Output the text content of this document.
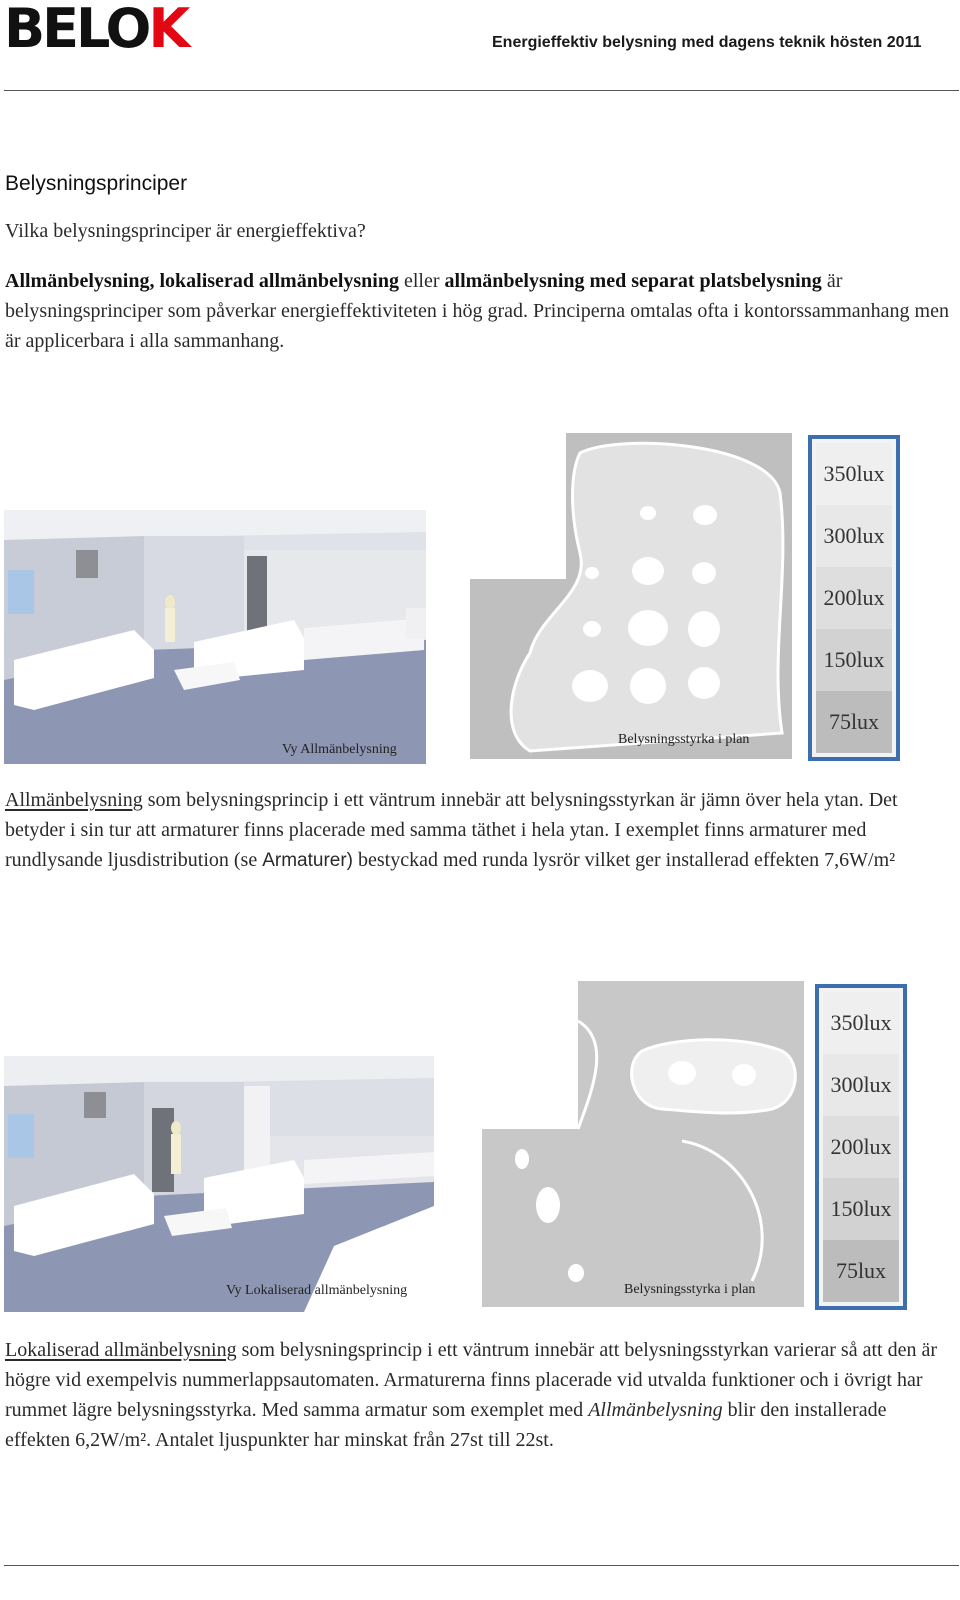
BELOK	Energieffektiv belysning med dagens teknik hösten 2011
Belysningsprinciper
Vilka belysningsprinciper är energieffektiva?
Allmänbelysning, lokaliserad allmänbelysning eller allmänbelysning med separat platsbelysning är belysningsprinciper som påverkar energieffektiviteten i hög grad. Principerna omtalas ofta i kontorssammanhang men är applicerbara i alla sammanhang.
Vy Allmänbelysning
Belysningsstyrka i plan
350lux
300lux
200lux
150lux
75lux
Allmänbelysning som belysningsprincip i ett väntrum innebär att belysningsstyrkan är jämn över hela ytan. Det betyder i sin tur att armaturer finns placerade med samma täthet i hela ytan. I exemplet finns armaturer med rundlysande ljusdistribution (se Armaturer) bestyckad med runda lysrör vilket ger installerad effekten 7,6W/m²
Vy Lokaliserad allmänbelysning	Belysningsstyrka i plan
350lux
300lux
200lux
150lux
75lux
Lokaliserad allmänbelysning som belysningsprincip i ett väntrum innebär att belysningsstyrkan varierar så att den är högre vid exempelvis nummerlappsautomaten. Armaturerna finns placerade vid utvalda funktioner och i övrigt har rummet lägre belysningsstyrka. Med samma armatur som exemplet med Allmänbelysning blir den installerade effekten 6,2W/m². Antalet ljuspunkter har minskat från 27st till 22st.
